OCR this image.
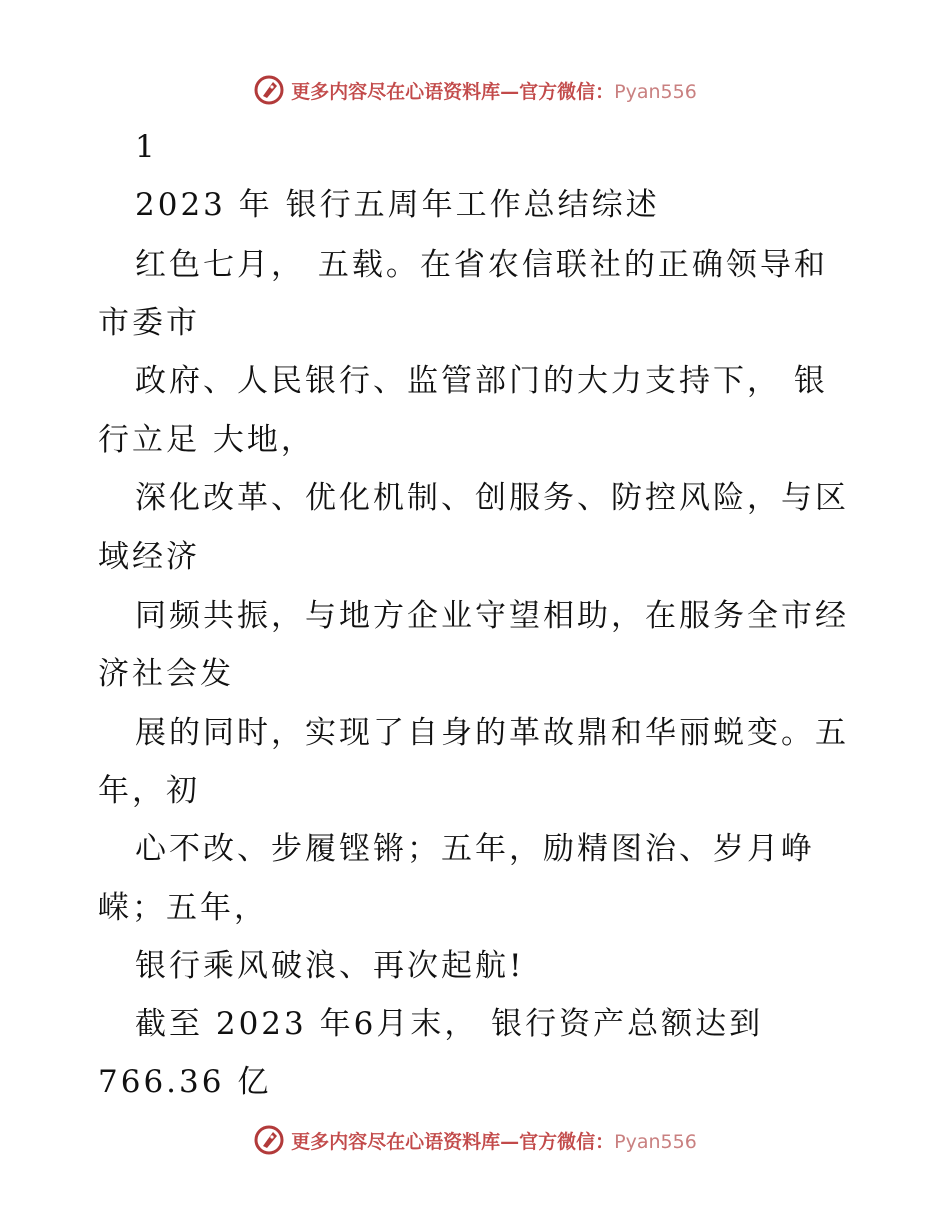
更多内容尽在心语资料库—官方微信：Pyan556
1
2023 年 银行五周年工作总结综述
红色七月， 五载。在省农信联社的正确领导和
市委市
政府、人民银行、监管部门的大力支持下， 银
行立足 大地，
深化改革、优化机制、创服务、防控风险，与区
域经济
同频共振，与地方企业守望相助，在服务全市经
济社会发
展的同时，实现了自身的革故鼎和华丽蜕变。五
年，初
心不改、步履铿锵；五年，励精图治、岁月峥
嵘；五年，
银行乘风破浪、再次起航!
截至 2023 年6月末， 银行资产总额达到
766.36 亿
更多内容尽在心语资料库—官方微信：Pyan556
